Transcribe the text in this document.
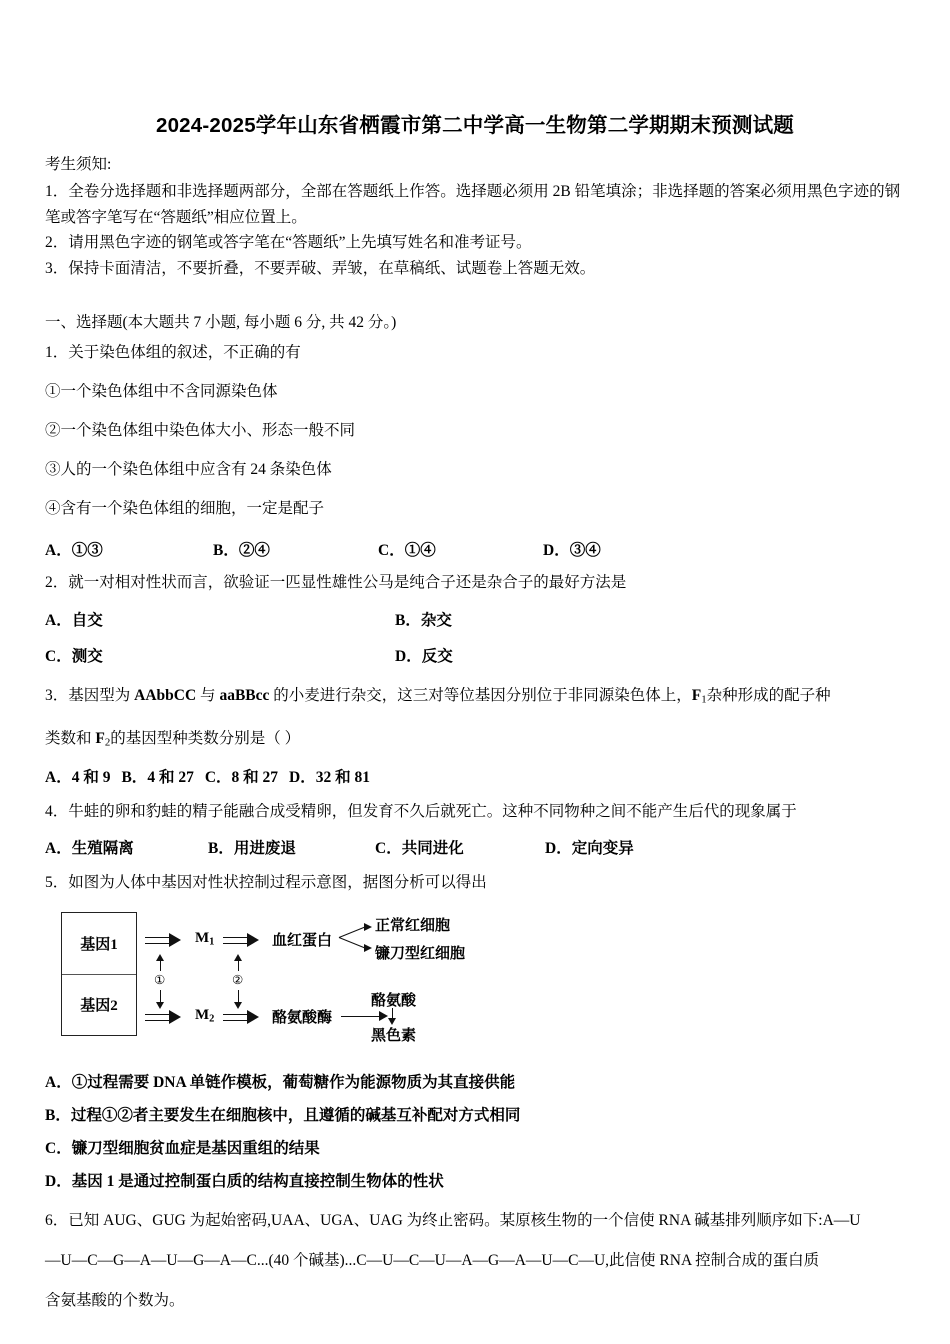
2024-2025学年山东省栖霞市第二中学高一生物第二学期期末预测试题

考生须知:

1．全卷分选择题和非选择题两部分，全部在答题纸上作答。选择题必须用 2B 铅笔填涂；非选择题的答案必须用黑色字迹的钢笔或答字笔写在“答题纸”相应位置上。

2．请用黑色字迹的钢笔或答字笔在“答题纸”上先填写姓名和准考证号。

3．保持卡面清洁，不要折叠，不要弄破、弄皱，在草稿纸、试题卷上答题无效。

一、选择题(本大题共 7 小题, 每小题 6 分, 共 42 分。)

1．关于染色体组的叙述，不正确的有

①一个染色体组中不含同源染色体

②一个染色体组中染色体大小、形态一般不同

③人的一个染色体组中应含有 24 条染色体

④含有一个染色体组的细胞，一定是配子

A．①③	B．②④	C．①④	D．③④

2．就一对相对性状而言，欲验证一匹显性雄性公马是纯合子还是杂合子的最好方法是

A．自交	B．杂交
C．测交	D．反交

3．基因型为 AAbbCC 与 aaBBcc 的小麦进行杂交，这三对等位基因分别位于非同源染色体上，$F_1$杂种形成的配子种

类数和 $F_2$的基因型种类数分别是（ ）

A．4 和 9 B．4 和 27 C．8 和 27 D．32 和 81

4．牛蛙的卵和豹蛙的精子能融合成受精卵，但发育不久后就死亡。这种不同物种之间不能产生后代的现象属于

A．生殖隔离	B．用进废退	C．共同进化	D．定向变异

5．如图为人体中基因对性状控制过程示意图，据图分析可以得出

基因1
基因2
$M_1$	血红蛋白
正常红细胞
镰刀型红细胞
①	②
$M_2$	酪氨酸酶
酪氨酸
黑色素

A．①过程需要 DNA 单链作模板，葡萄糖作为能源物质为其直接供能

B．过程①②者主要发生在细胞核中，且遵循的碱基互补配对方式相同

C．镰刀型细胞贫血症是基因重组的结果

D．基因 1 是通过控制蛋白质的结构直接控制生物体的性状

6．已知 AUG、GUG 为起始密码,UAA、UGA、UAG 为终止密码。某原核生物的一个信使 RNA 碱基排列顺序如下:A—U

—U—C—G—A—U—G—A—C...(40 个碱基)...C—U—C—U—A—G—A—U—C—U,此信使 RNA 控制合成的蛋白质

含氨基酸的个数为。
